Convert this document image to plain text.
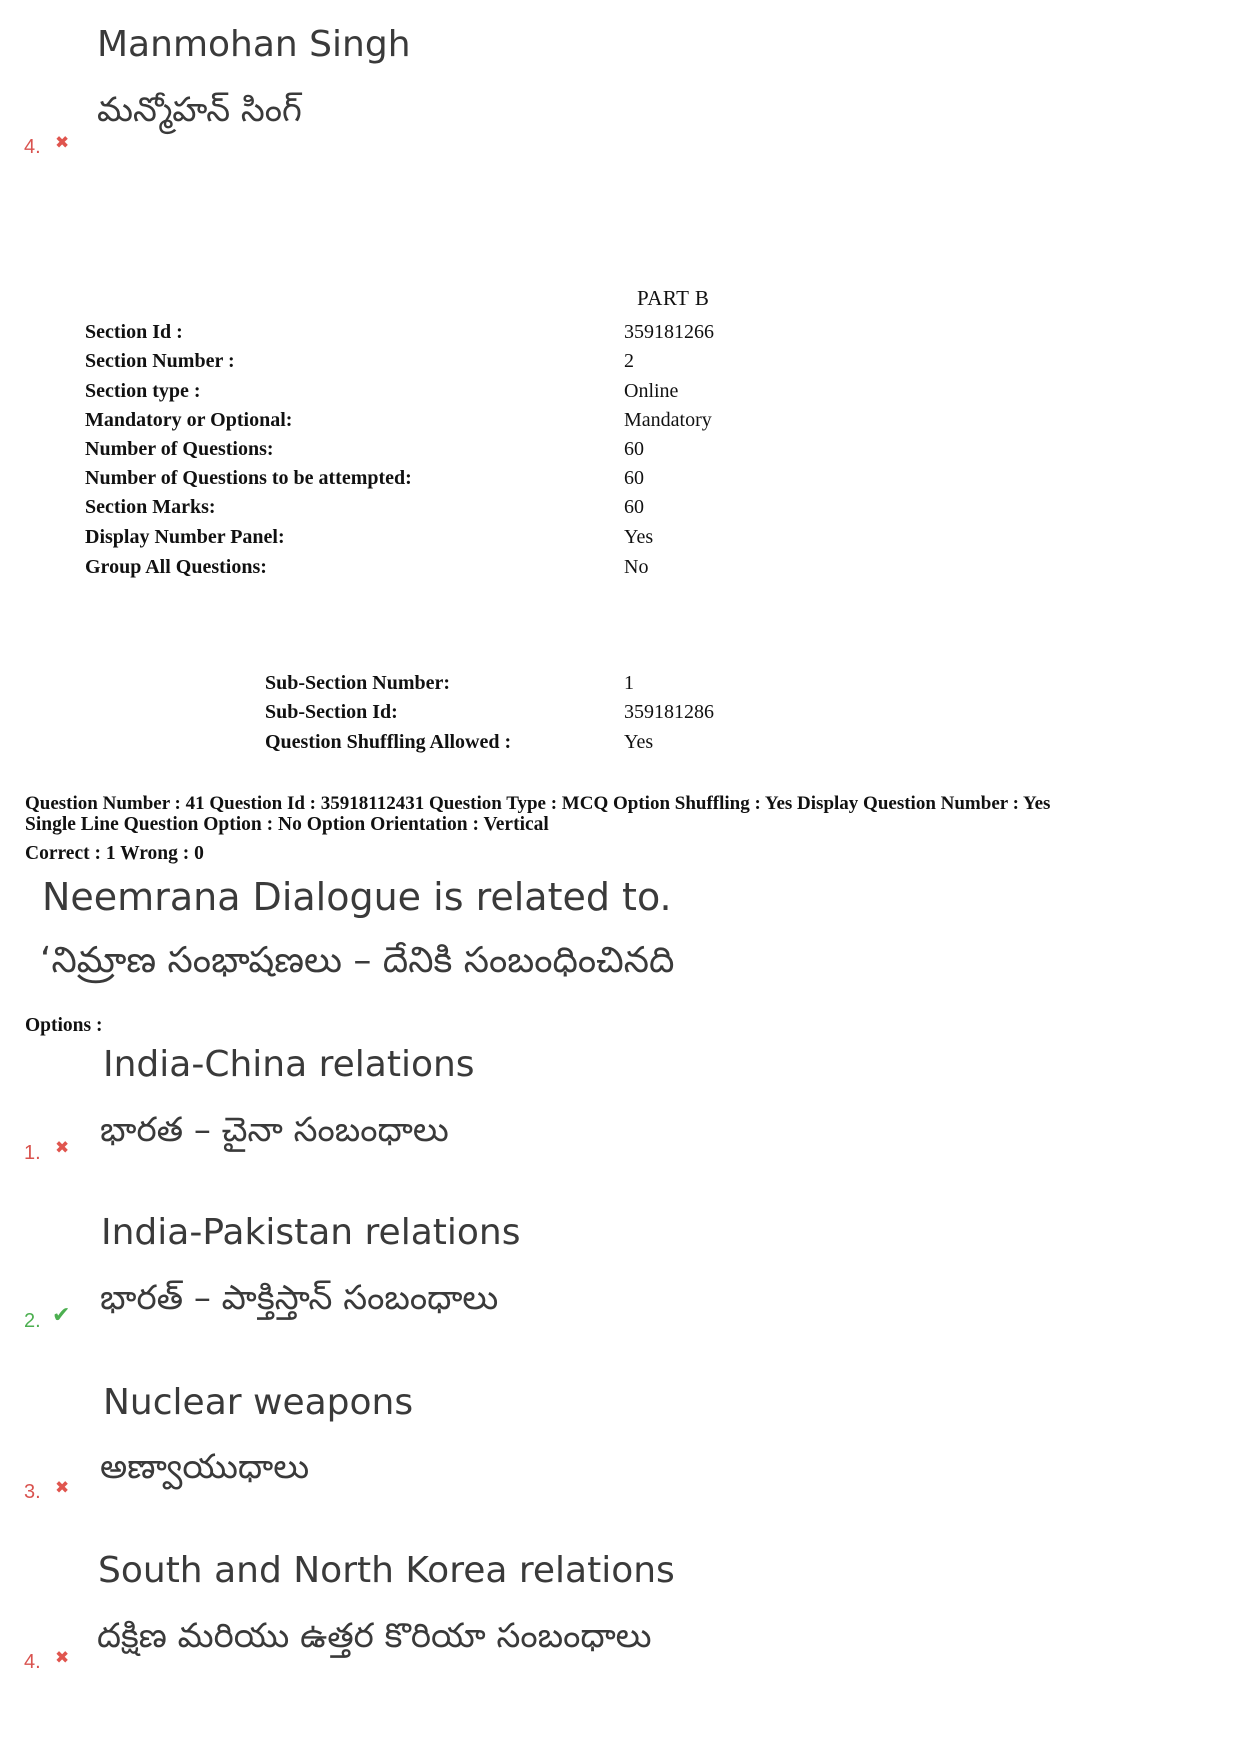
Manmohan Singh
మన్మోహన్ సింగ్
4. ✖
PART B
Section Id :	359181266
Section Number :	2
Section type :	Online
Mandatory or Optional:	Mandatory
Number of Questions:	60
Number of Questions to be attempted:	60
Section Marks:	60
Display Number Panel:	Yes
Group All Questions:	No
Sub-Section Number:	1
Sub-Section Id:	359181286
Question Shuffling Allowed :	Yes
Question Number : 41 Question Id : 35918112431 Question Type : MCQ Option Shuffling : Yes Display Question Number : Yes
Single Line Question Option : No Option Orientation : Vertical
Correct : 1 Wrong : 0
Neemrana Dialogue is related to.
‘నిమ్రాణ సంభాషణలు – దేనికి సంబంధించినది
Options :
India-China relations
భారత – చైనా సంబంధాలు
1. ✖
India-Pakistan relations
భారత్ – పాక్తిస్తాన్ సంబంధాలు
2. ✔
Nuclear weapons
అణ్వాయుధాలు
3. ✖
South and North Korea relations
దక్షిణ మరియు ఉత్తర కొరియా సంబంధాలు
4. ✖
